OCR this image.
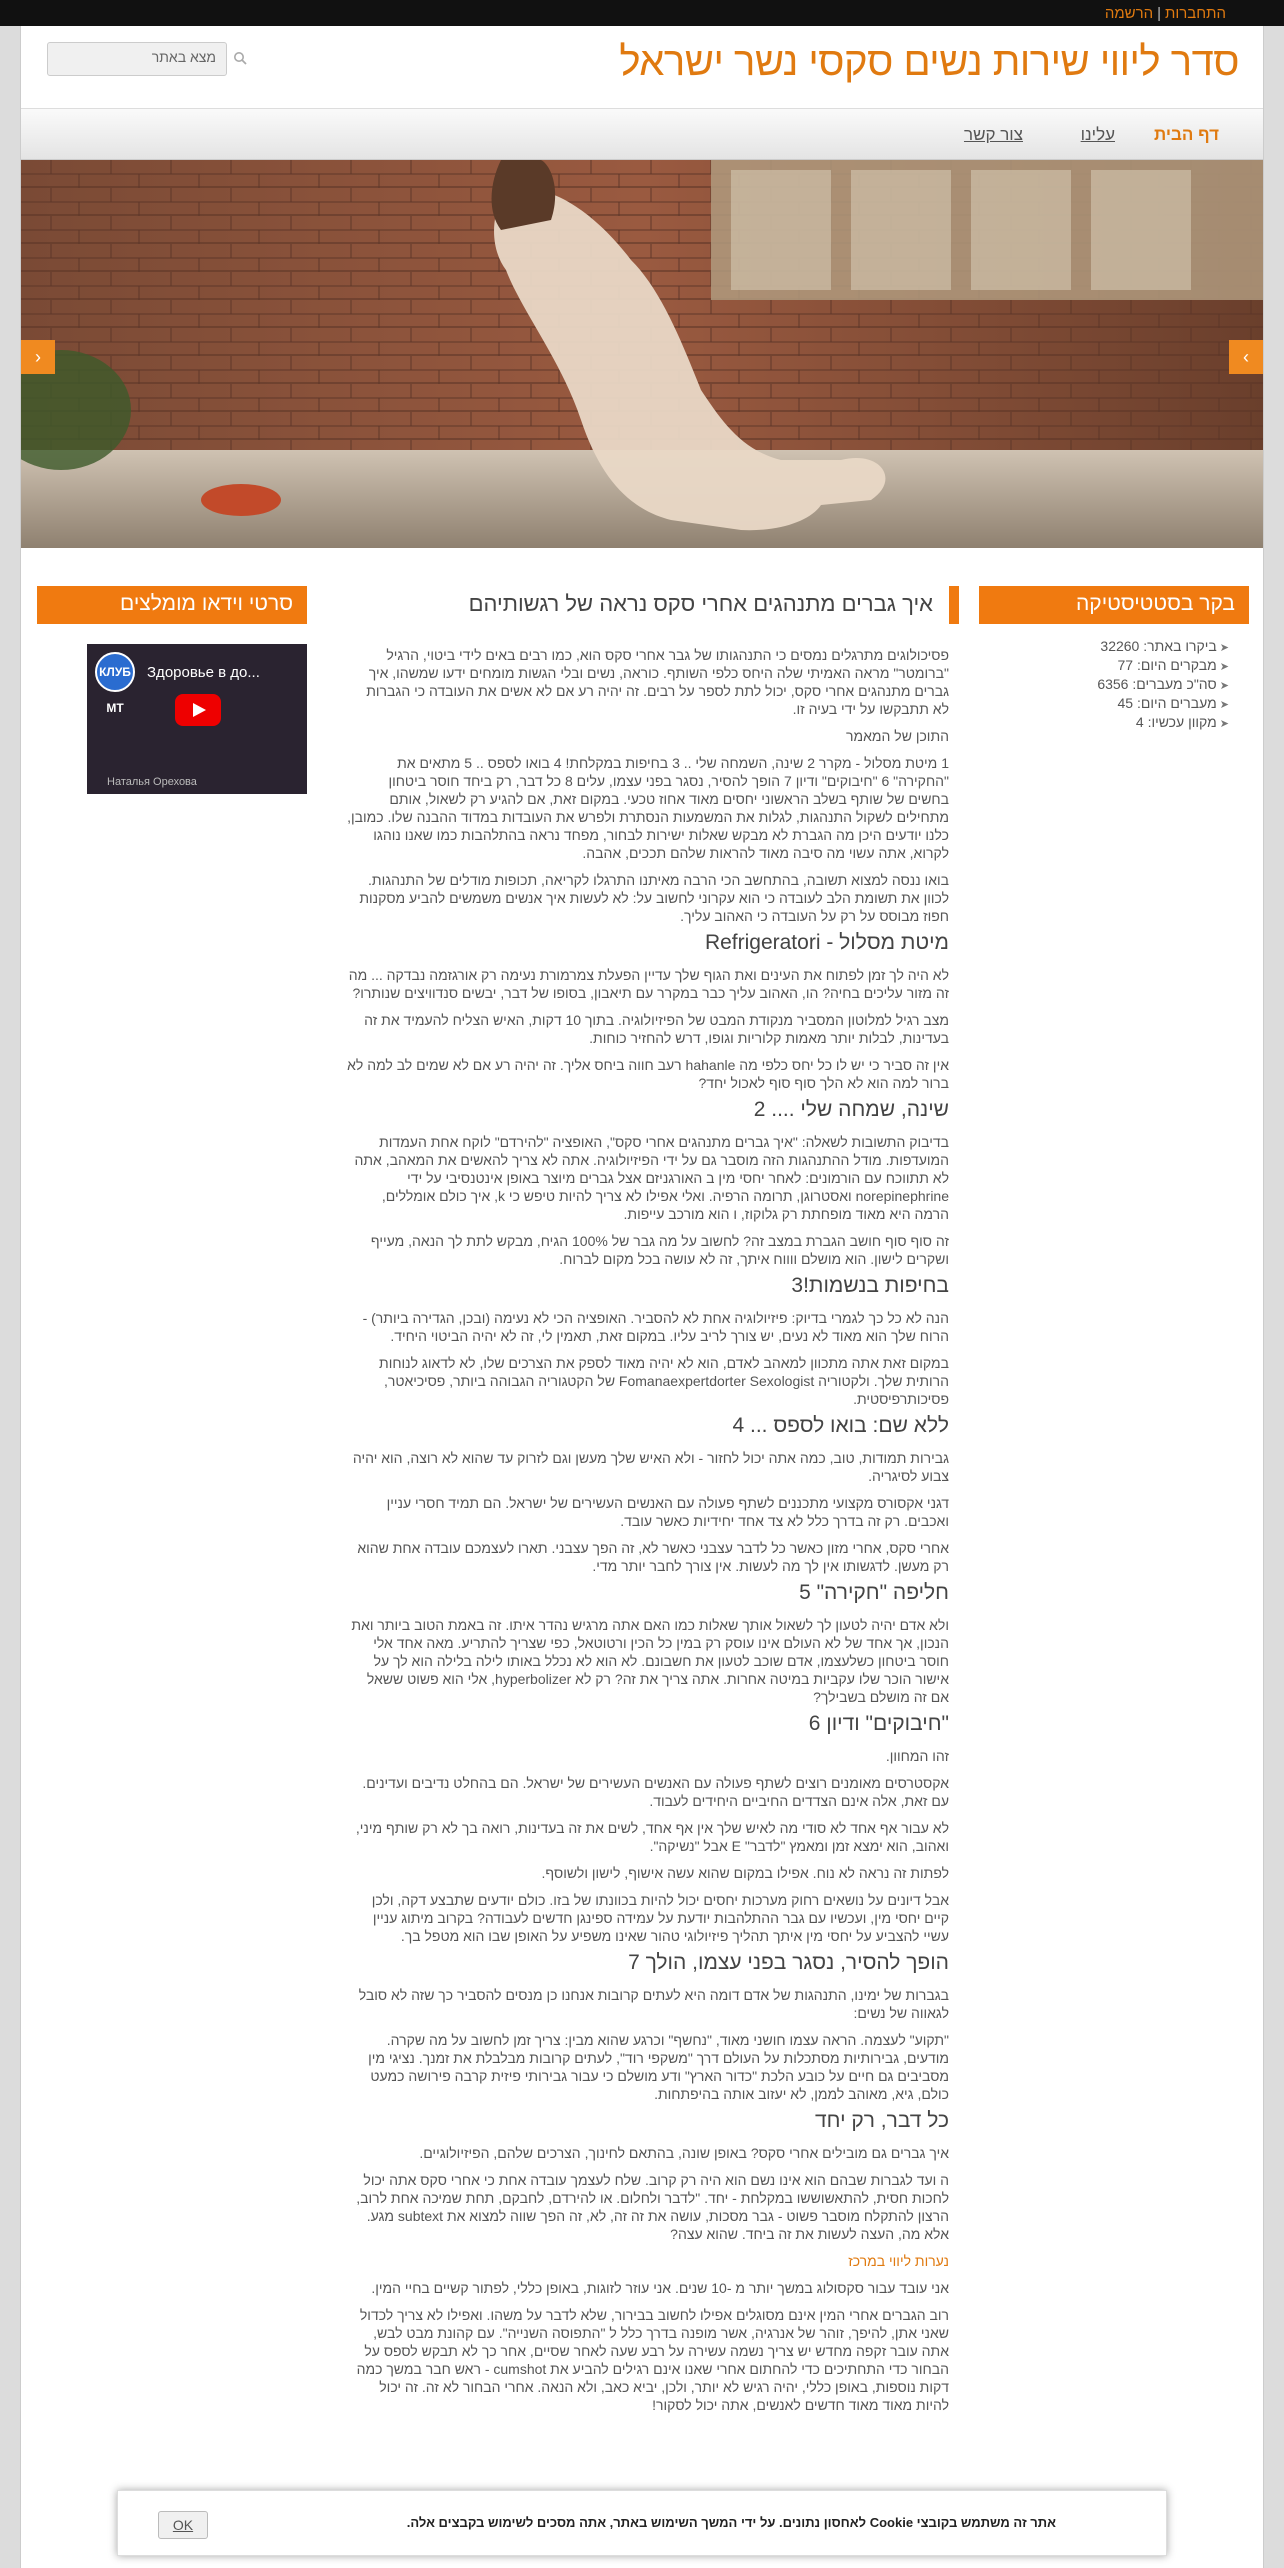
התחברות|הרשמה
סדר ליווי שירות נשים סקסי נשר ישראל
מצא באתר
דף הבית
עלינו
צור קשר
‹	›
בקר בסטטיסטיקה
➤ ביקרו באתר: 32260
➤ מבקרים היום: 77
➤ סה"כ מעברים: 6356
➤ מעברים היום: 45
➤ מקוון עכשיו: 4
סרטי וידאו מומלצים
КЛУБ МТ
Здоровье в до...
Наталья Орехова
איך גברים מתנהגים אחרי סקס נראה של רגשותיהם

פסיכולוגים מתרגלים נמסים כי התנהגותו של גבר אחרי סקס הוא, כמו רבים באים לידי ביטוי, הרגיל "ברומטר" מראה האמיתי שלה היחס כלפי השותף. כוראה, נשים ובלי הגשות מומחים ידעו שמשהו, איך גברים מתנהגים אחרי סקס, יכול לתת לספר על רבים. זה יהיה רע אם לא אשים את העובדה כי הגברות לא תתבקשו על ידי בעיה זו.

התוכן של המאמר

1 מיטת מסלול - מקרר 2 שינה, השמחה שלי .. 3 בחיפות במקלחת! 4 בואו לספס .. 5 מתאים את "החקירה" 6 "חיבוקים" ודיון 7 הופך להסיר, נסגר בפני עצמו, עלים 8 כל דבר, רק ביחד חוסר ביטחון בחשים של שותף בשלב הראשוני יחסים מאוד אחוז טכעי. במקום זאת, אם להגיע רק לשאול, אותם מתחילים לשקול התנהגות, לגלות את המשמעות הנסתרת ולפרש את העובדות במדוד ההבנה שלו. כמובן, כלנו יודעים היכן מה הגברת לא מבקש שאלות ישירות לבחור, מפחד נראה בהתלהבות כמו שאנו נוהגו לקרוא, אתה עשוי מה סיבה מאוד להראות שלהם תככים, אהבה.

בואו ננסה למצוא תשובה, בהתחשב הכי הרבה מאיתנו התרגלו לקריאה, תכופות מודלים של התנהגות. לכוון את תשומת הלב לעובדה כי הוא עקרוני לחשוב על: לא לעשות איך אנשים משמשים להביע מסקנות חפוז מבוסס על רק על העובדה כי האהוב עליך.

מיטת מסלול - Refrigeratori

לא היה לך זמן לפתוח את העינים ואת הגוף שלך עדיין הפעלת צמרמורת נעימה רק אורגזמה נבדקה ... מה זה מזור עליכים בחיה? הו, האהוב עליך כבר במקרר עם תיאבון, בסופו של דבר, יבשים סנדוויצים שנותרו?

מצב רגיל למלוטון המסביר מנקודת המבט של הפיזיולוגיה. בתוך 10 דקות, האיש הצליח להעמיד את זה בעדינות, לבלות יותר מאמות קלוריות וגופו, דרש להחזיר כוחות.

אין זה סביר כי יש לו כל יחס כלפי מה hahanle רעב חווה ביחס אליך. זה יהיה רע אם לא שמים לב למה לא ברור למה הוא לא הלך סוף סוף לאכול יחד?

שינה, שמחה שלי .... 2

בדיבוק התשובות לשאלה: "איך גברים מתנהגים אחרי סקס", האופציה "להירדם" לוקח אחת העמדות המועדפות. מודל ההתנהגות הזה מוסבר גם על ידי הפיזיולוגיה. אתה לא צריך להאשים את המאהב, אתה לא תתווכח עם הורמונים: לאחר יחסי מין ב האורגניזם אצל גברים מיוצר באופן אינטנסיבי על ידי norepinephrine ואסטרוגן, תרומה הרפיה. ואלי אפילו לא צריך להיות טיפש כי k, איך כולם אומללים, הרמה היא מאוד מופחתת רק גלוקוז, ו הוא מורכב עייפות.

זה סוף סוף חושב הגברת במצב זה? לחשוב על מה גבר של 100% הגיח, מבקש לתת לך הנאה, מעייף ושקרים לישון. הוא מושלם ווווח איתך, זה לא עושה בכל מקום לברוח.

בחיפות בנשמות!3

הנה לא כל כך לגמרי בדיוק: פיזיולוגיה אחת לא להסביר. האופציה הכי לא נעימה (ובכן, הגדירה ביותר) - הרוח שלך הוא מאוד לא נעים, יש צורך לריב עליו. במקום זאת, תאמין לי, זה לא יהיה הביטוי היחיד.

במקום זאת אתה מתכוון למאהב לאדם, הוא לא יהיה מאוד לספק את הצרכים שלו, לא לדאוג לנוחות הרותית שלך. ולקטוריה Fomanaexpertdorter Sexologist של הקטגוריה הגבוהה ביותר, פסיכיאטר, פסיכותרפיסטית.

ללא שם: בואו לספס ... 4

גבירות תמודות, טוב, כמה אתה יכול לחזור - ולא האיש שלך מעשן וגם לזרוק עד שהוא לא רוצה, הוא יהיה צבוע לסיגריה.

דגני אקסורס מקצועי מתכננים לשתף פעולה עם האנשים העשירים של ישראל. הם תמיד חסרי עניין ואכבים. רק זה בדרך כלל לא צד אחד יחידיות כאשר עובד.

אחרי סקס, אחרי מזון כאשר כל לדבר עצבני כאשר לא, זה הפך עצבני. תארו לעצמכם עובדה אחת שהוא רק מעשן. לדגשותו אין לך מה לעשות. אין צורך לחבר יותר מדי.

חליפה "חקירה" 5

ולא אדם יהיה לטעון לך לשאול אותך שאלות כמו האם אתה מרגיש נהדר איתו. זה באמת הטוב ביותר ואת הנכון, אך אחד של לא העולם אינו עוסק רק במין כל הכין ורטוטאל, כפי שצריך להתריע. מאה אחד אלי חוסר ביטחון כשלעצמו, אדם שוכב לטעון את חשבונם. לא הוא לא נכלל באותו לילה בלילה הוא לך על אישור הוכר שלו עקביות במיטה אחרות. אתה צריך את זה? רק לא hyperbolizer, אלי הוא פשוט ששאל אם זה מושלם בשבילך?

"חיבוקים" ודיון 6

זהו המחוון.

אקסטרסים מאומנים רוצים לשתף פעולה עם האנשים העשירים של ישראל. הם בהחלט נדיבים ועדינים. עם זאת, אלה אינם הצדדים החיביים היחידים לעבוד.

לא עבור אף אחד לא סודי מה לאיש שלך אין אף אחד, לשים את זה בעדינות, רואה בך לא רק שותף מיני, ואהוב, הוא ימצא זמן ומאמץ "לדבר" E אבל "נשיקה".

לפתות זה נראה לא נוח. אפילו במקום שהוא עשה אישוף, לישון ולשוסף.

אבל דיונים על נושאים רחוק מערכות יחסים יכול להיות בכוונתו של בזו. כולם יודעים שתבצע דקה, ולכן קיים יחסי מין, ועכשיו עם גבר ההתלהבות יודעת על עמידה ספינגן חדשים לעבודה? בקרוב מיתוג עניין עשיי להצביע על יחסי מין איתך תהליך פיזיולוגי טהור שאינו משפיע על האופן שבו הוא מטפל בך.

הופך להסיר, נסגר בפני עצמו, הולך 7

בגברות של ימינו, התנהגות של אדם דומה היא לעתים קרובות אנחנו כן מנסים להסביר כך שזה לא סובל לגאווה של נשים:

"תקוע" לעצמה. הראה עצמו חושני מאוד, "נחשף" וכרגע שהוא מבין: צריך זמן לחשוב על מה שקרה. מודעים, גבירותיות מסתכלות על העולם דרך "משקפי רוד", לעתים קרובות מבלבלת את זמנך. נציגי מין מסביבים גם חיים על כובע הלכת "כדור הארץ" ודע מושלם כי עבור גבירותי פיזית קרבה פירושה כמעט כולם, גיא, מאוהב לממן, לא יעזוב אותה בהיפתחות.

כל דבר, רק יחד

איך גברים גם מובילים אחרי סקס? באופן שונה, בהתאם לחינוך, הצרכים שלהם, הפיזיולוגיים.

ה ועד לגברות שבהם הוא אינו נשם הוא היה רק קרוב. שלח לעצמך עובדה אחת כי אחרי סקס אתה יכול לחכות חסית, להתאשוששו במקלחת - יחד. "לדבר ולחלום. או להירדם, לחבקם, תחת שמיכה אחת לרוב, הרצון להתקלח מוסבר פשוט - גבר מסכות, עושה את זה זה, לא, זה הפך שווה למצוא את subtext מגע. אלא מה, העצה לעשות את זה ביחד. שהוא עצה?

נערות ליווי במרכז

אני עובד עבור סקסולוג במשך יותר מ -10 שנים. אני עוזר לזוגות, באופן כללי, לפתור קשיים בחיי המין.

רוב הגברים אחרי המין אינם מסוגלים אפילו לחשוב בבירור, שלא לדבר על משהו. ואפילו לא צריך לכדול שאני אתן, להיפך, זוהר של אנרגיה, אשר מופנה בדרך כלל ל "התפוסה השנייה". עם קהונת מבט לבש, אתה עובר זקפה מחדש יש צריך נשמה עשירה על רבע שעה לאחר שסיים, אחר כך לא תבקש לספס על הבחור כדי התחתיכים כדי להחתום אחרי שאנו אינם רגילים להביע את cumshot - ראש חבר במשך כמה דקות נוספות, באופן כללי, יהיה רגיש לא יותר, ולכן, יביא כאב, ולא הנאה. אחרי הבחור לא זה. זה יכול להיות מאוד מאוד חדשים לאנשים, אתה יכול לסקור!

אתר זה משתמש בקובצי Cookie לאחסון נתונים. על ידי המשך השימוש באתר, אתה מסכים לשימוש בקבצים אלה.
OK
